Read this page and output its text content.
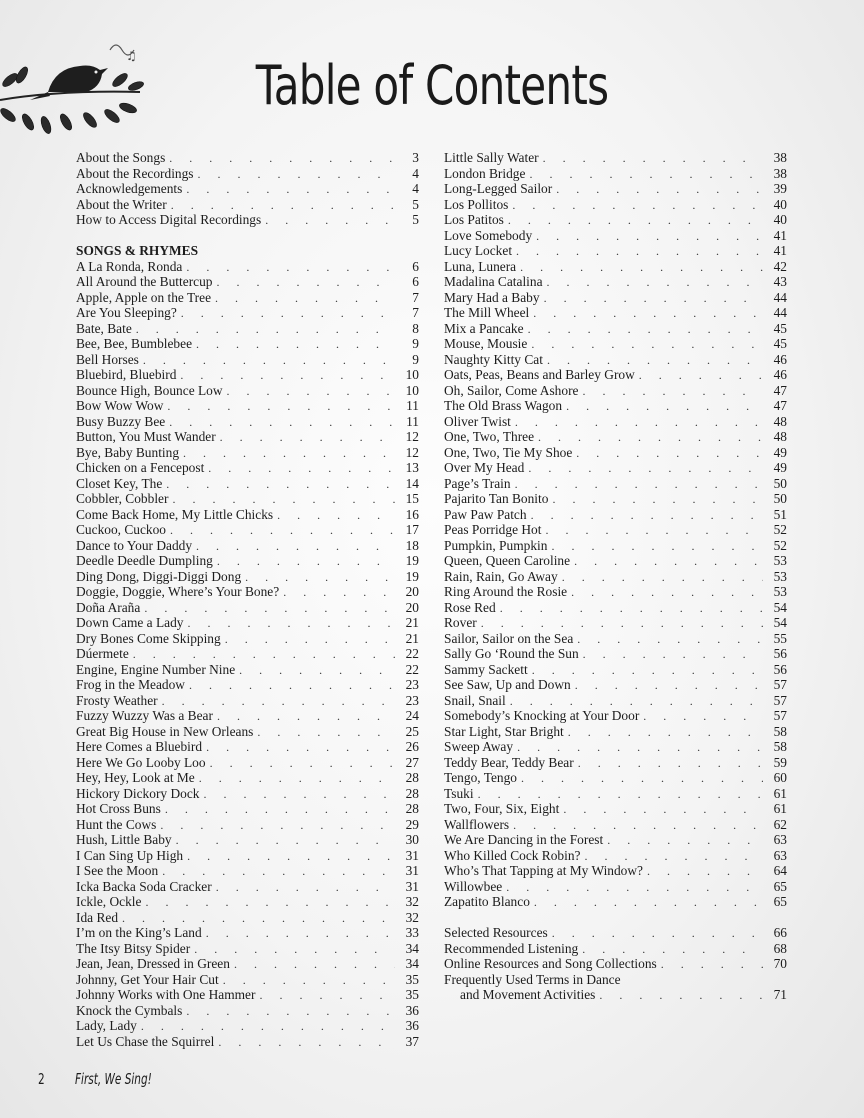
♫	Table of Contents
About the Songs . . .	3
About the Recordings . . .	4
Acknowledgements . . .	4
About the Writer . . .	5
How to Access Digital Recordings . . .	5
SONGS & RHYMES
A La Ronda, Ronda . . .	6
All Around the Buttercup . . .	6
Apple, Apple on the Tree . . .	7
Are You Sleeping? . . .	7
Bate, Bate . . .	8
Bee, Bee, Bumblebee . . .	9
Bell Horses . . .	9
Bluebird, Bluebird . . .	10
Bounce High, Bounce Low . . .	10
Bow Wow Wow . . .	11
Busy Buzzy Bee . . .	11
Button, You Must Wander . . .	12
Bye, Baby Bunting . . .	12
Chicken on a Fencepost . . .	13
Closet Key, The . . .	14
Cobbler, Cobbler . . .	15
Come Back Home, My Little Chicks . . .	16
Cuckoo, Cuckoo . . .	17
Dance to Your Daddy . . .	18
Deedle Deedle Dumpling . . .	19
Ding Dong, Diggi-Diggi Dong . . .	19
Doggie, Doggie, Where’s Your Bone? . . .	20
Doña Araña . . .	20
Down Came a Lady . . .	21
Dry Bones Come Skipping . . .	21
Dúermete . . .	22
Engine, Engine Number Nine . . .	22
Frog in the Meadow . . .	23
Frosty Weather . . .	23
Fuzzy Wuzzy Was a Bear . . .	24
Great Big House in New Orleans . . .	25
Here Comes a Bluebird . . .	26
Here We Go Looby Loo . . .	27
Hey, Hey, Look at Me . . .	28
Hickory Dickory Dock . . .	28
Hot Cross Buns . . .	28
Hunt the Cows . . .	29
Hush, Little Baby . . .	30
I Can Sing Up High . . .	31
I See the Moon . . .	31
Icka Backa Soda Cracker . . .	31
Ickle, Ockle . . .	32
Ida Red . . .	32
I’m on the King’s Land . . .	33
The Itsy Bitsy Spider . . .	34
Jean, Jean, Dressed in Green . . .	34
Johnny, Get Your Hair Cut . . .	35
Johnny Works with One Hammer . . .	35
Knock the Cymbals . . .	36
Lady, Lady . . .	36
Let Us Chase the Squirrel . . .	37
Little Sally Water . . .	38
London Bridge . . .	38
Long-Legged Sailor . . .	39
Los Pollitos . . .	40
Los Patitos . . .	40
Love Somebody . . .	41
Lucy Locket . . .	41
Luna, Lunera . . .	42
Madalina Catalina . . .	43
Mary Had a Baby . . .	44
The Mill Wheel . . .	44
Mix a Pancake . . .	45
Mouse, Mousie . . .	45
Naughty Kitty Cat . . .	46
Oats, Peas, Beans and Barley Grow . . .	46
Oh, Sailor, Come Ashore . . .	47
The Old Brass Wagon . . .	47
Oliver Twist . . .	48
One, Two, Three . . .	48
One, Two, Tie My Shoe . . .	49
Over My Head . . .	49
Page’s Train . . .	50
Pajarito Tan Bonito . . .	50
Paw Paw Patch . . .	51
Peas Porridge Hot . . .	52
Pumpkin, Pumpkin . . .	52
Queen, Queen Caroline . . .	53
Rain, Rain, Go Away . . .	53
Ring Around the Rosie . . .	53
Rose Red . . .	54
Rover . . .	54
Sailor, Sailor on the Sea . . .	55
Sally Go ‘Round the Sun . . .	56
Sammy Sackett . . .	56
See Saw, Up and Down . . .	57
Snail, Snail . . .	57
Somebody’s Knocking at Your Door . . .	57
Star Light, Star Bright . . .	58
Sweep Away . . .	58
Teddy Bear, Teddy Bear . . .	59
Tengo, Tengo . . .	60
Tsuki . . .	61
Two, Four, Six, Eight . . .	61
Wallflowers . . .	62
We Are Dancing in the Forest . . .	63
Who Killed Cock Robin? . . .	63
Who’s That Tapping at My Window? . . .	64
Willowbee . . .	65
Zapatito Blanco . . .	65
Selected Resources . . .	66
Recommended Listening . . .	68
Online Resources and Song Collections . . .	70
Frequently Used Terms in Dance
and Movement Activities . . .	71
2 First, We Sing!
